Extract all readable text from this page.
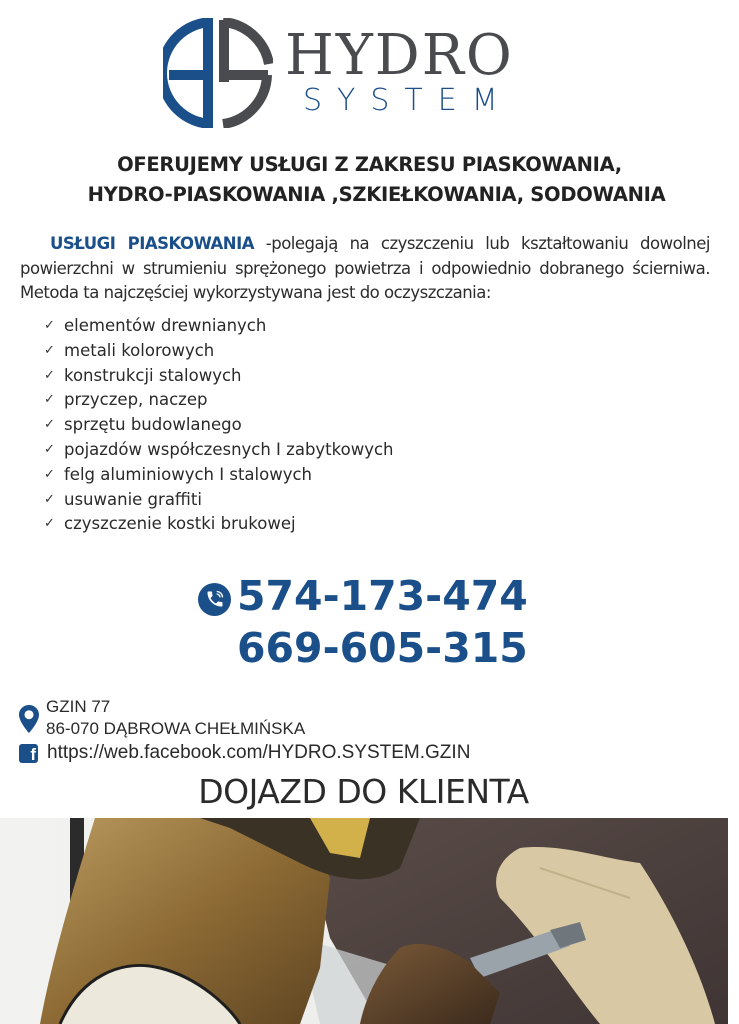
HYDRO
SYSTEM
OFERUJEMY USŁUGI Z ZAKRESU PIASKOWANIA,
HYDRO-PIASKOWANIA ,SZKIEŁKOWANIA, SODOWANIA
USŁUGI PIASKOWANIA -polegają na czyszczeniu lub kształtowaniu dowolnej powierzchni w strumieniu sprężonego powietrza i odpowiednio dobranego ścierniwa. Metoda ta najczęściej wykorzystywana jest do oczyszczania:
✓ elementów drewnianych
✓ metali kolorowych
✓ konstrukcji stalowych
✓ przyczep, naczep
✓ sprzętu budowlanego
✓ pojazdów współczesnych I zabytkowych
✓ felg aluminiowych I stalowych
✓ usuwanie graffiti
✓ czyszczenie kostki brukowej
574-173-474
669-605-315
GZIN 77
86-070 DĄBROWA CHEŁMIŃSKA
f https://web.facebook.com/HYDRO.SYSTEM.GZIN
DOJAZD DO KLIENTA
